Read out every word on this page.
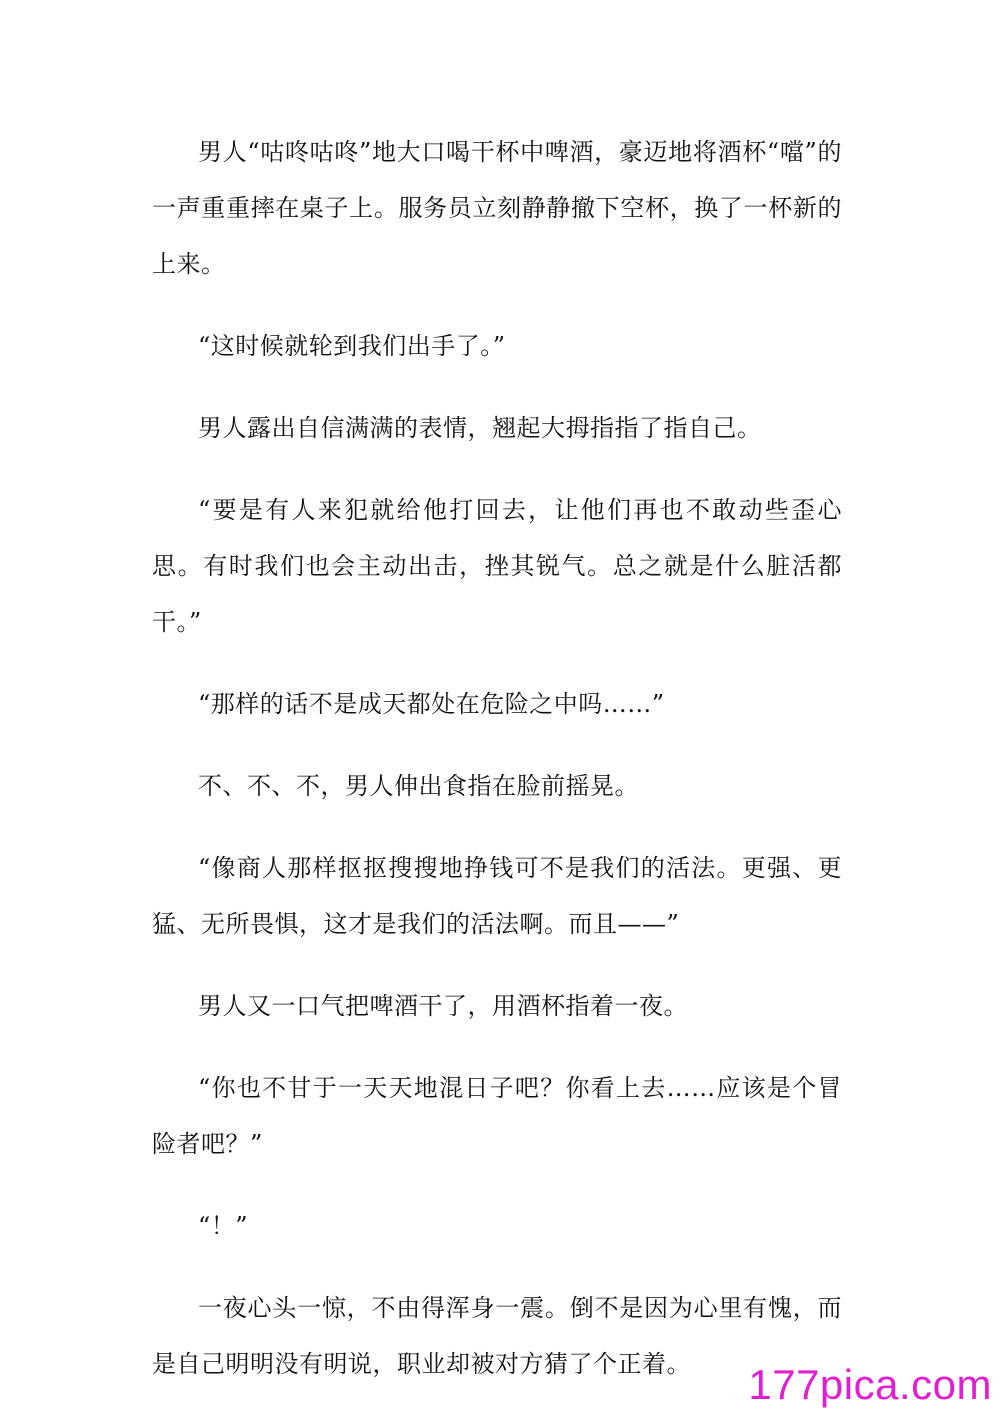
男人“咕咚咕咚”地大口喝干杯中啤酒，豪迈地将酒杯“噹”的一声重重摔在桌子上。服务员立刻静静撤下空杯，换了一杯新的上来。

“这时候就轮到我们出手了。”

男人露出自信满满的表情，翘起大拇指指了指自己。

“要是有人来犯就给他打回去，让他们再也不敢动些歪心思。有时我们也会主动出击，挫其锐气。总之就是什么脏活都干。”

“那样的话不是成天都处在危险之中吗……”

不、不、不，男人伸出食指在脸前摇晃。

“像商人那样抠抠搜搜地挣钱可不是我们的活法。更强、更猛、无所畏惧，这才是我们的活法啊。而且——”

男人又一口气把啤酒干了，用酒杯指着一夜。

“你也不甘于一天天地混日子吧？你看上去……应该是个冒险者吧？”

“！”

一夜心头一惊，不由得浑身一震。倒不是因为心里有愧，而是自己明明没有明说，职业却被对方猜了个正着。	177pica.com
